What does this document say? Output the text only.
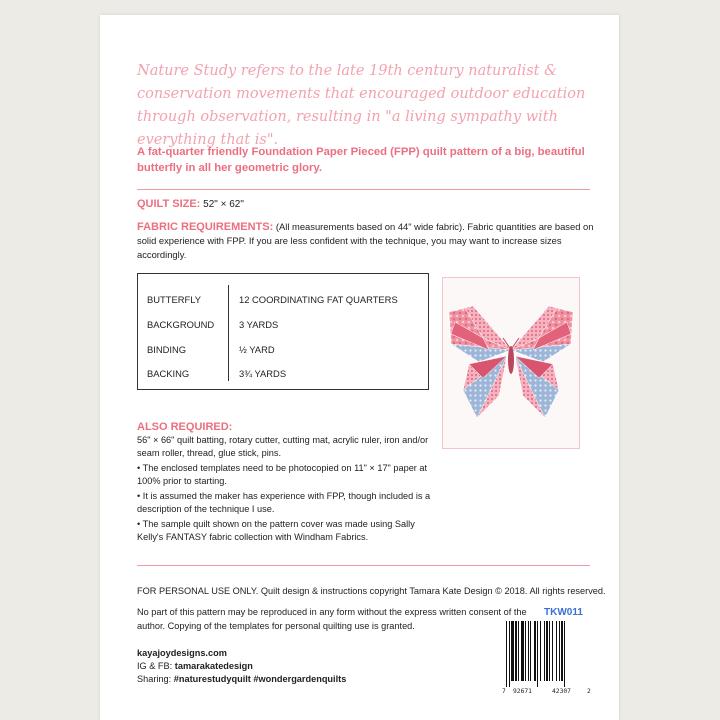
Nature Study refers to the late 19th century naturalist & conservation movements that encouraged outdoor education through observation, resulting in "a living sympathy with everything that is".
A fat-quarter friendly Foundation Paper Pieced (FPP) quilt pattern of a big, beautiful butterfly in all her geometric glory.
QUILT SIZE: 52" × 62"
FABRIC REQUIREMENTS: (All measurements based on 44" wide fabric). Fabric quantities are based on solid experience with FPP. If you are less confident with the technique, you may want to increase sizes accordingly.
BUTTERFLY	12 COORDINATING FAT QUARTERS
BACKGROUND	3 YARDS
BINDING	½ YARD
BACKING	3¾ YARDS
ALSO REQUIRED:

56" × 66" quilt batting, rotary cutter, cutting mat, acrylic ruler, iron and/or seam roller, thread, glue stick, pins.

• The enclosed templates need to be photocopied on 11" × 17" paper at 100% prior to starting.

• It is assumed the maker has experience with FPP, though included is a description of the technique I use.

• The sample quilt shown on the pattern cover was made using Sally Kelly's FANTASY fabric collection with Windham Fabrics.

FOR PERSONAL USE ONLY. Quilt design & instructions copyright Tamara Kate Design © 2018. All rights reserved.
No part of this pattern may be reproduced in any form without the express written consent of the author. Copying of the templates for personal quilting use is granted.
TKW011
7 92671	42307	2
kayajoydesigns.com
IG & FB: tamarakatedesign
Sharing: #naturestudyquilt #wondergardenquilts
